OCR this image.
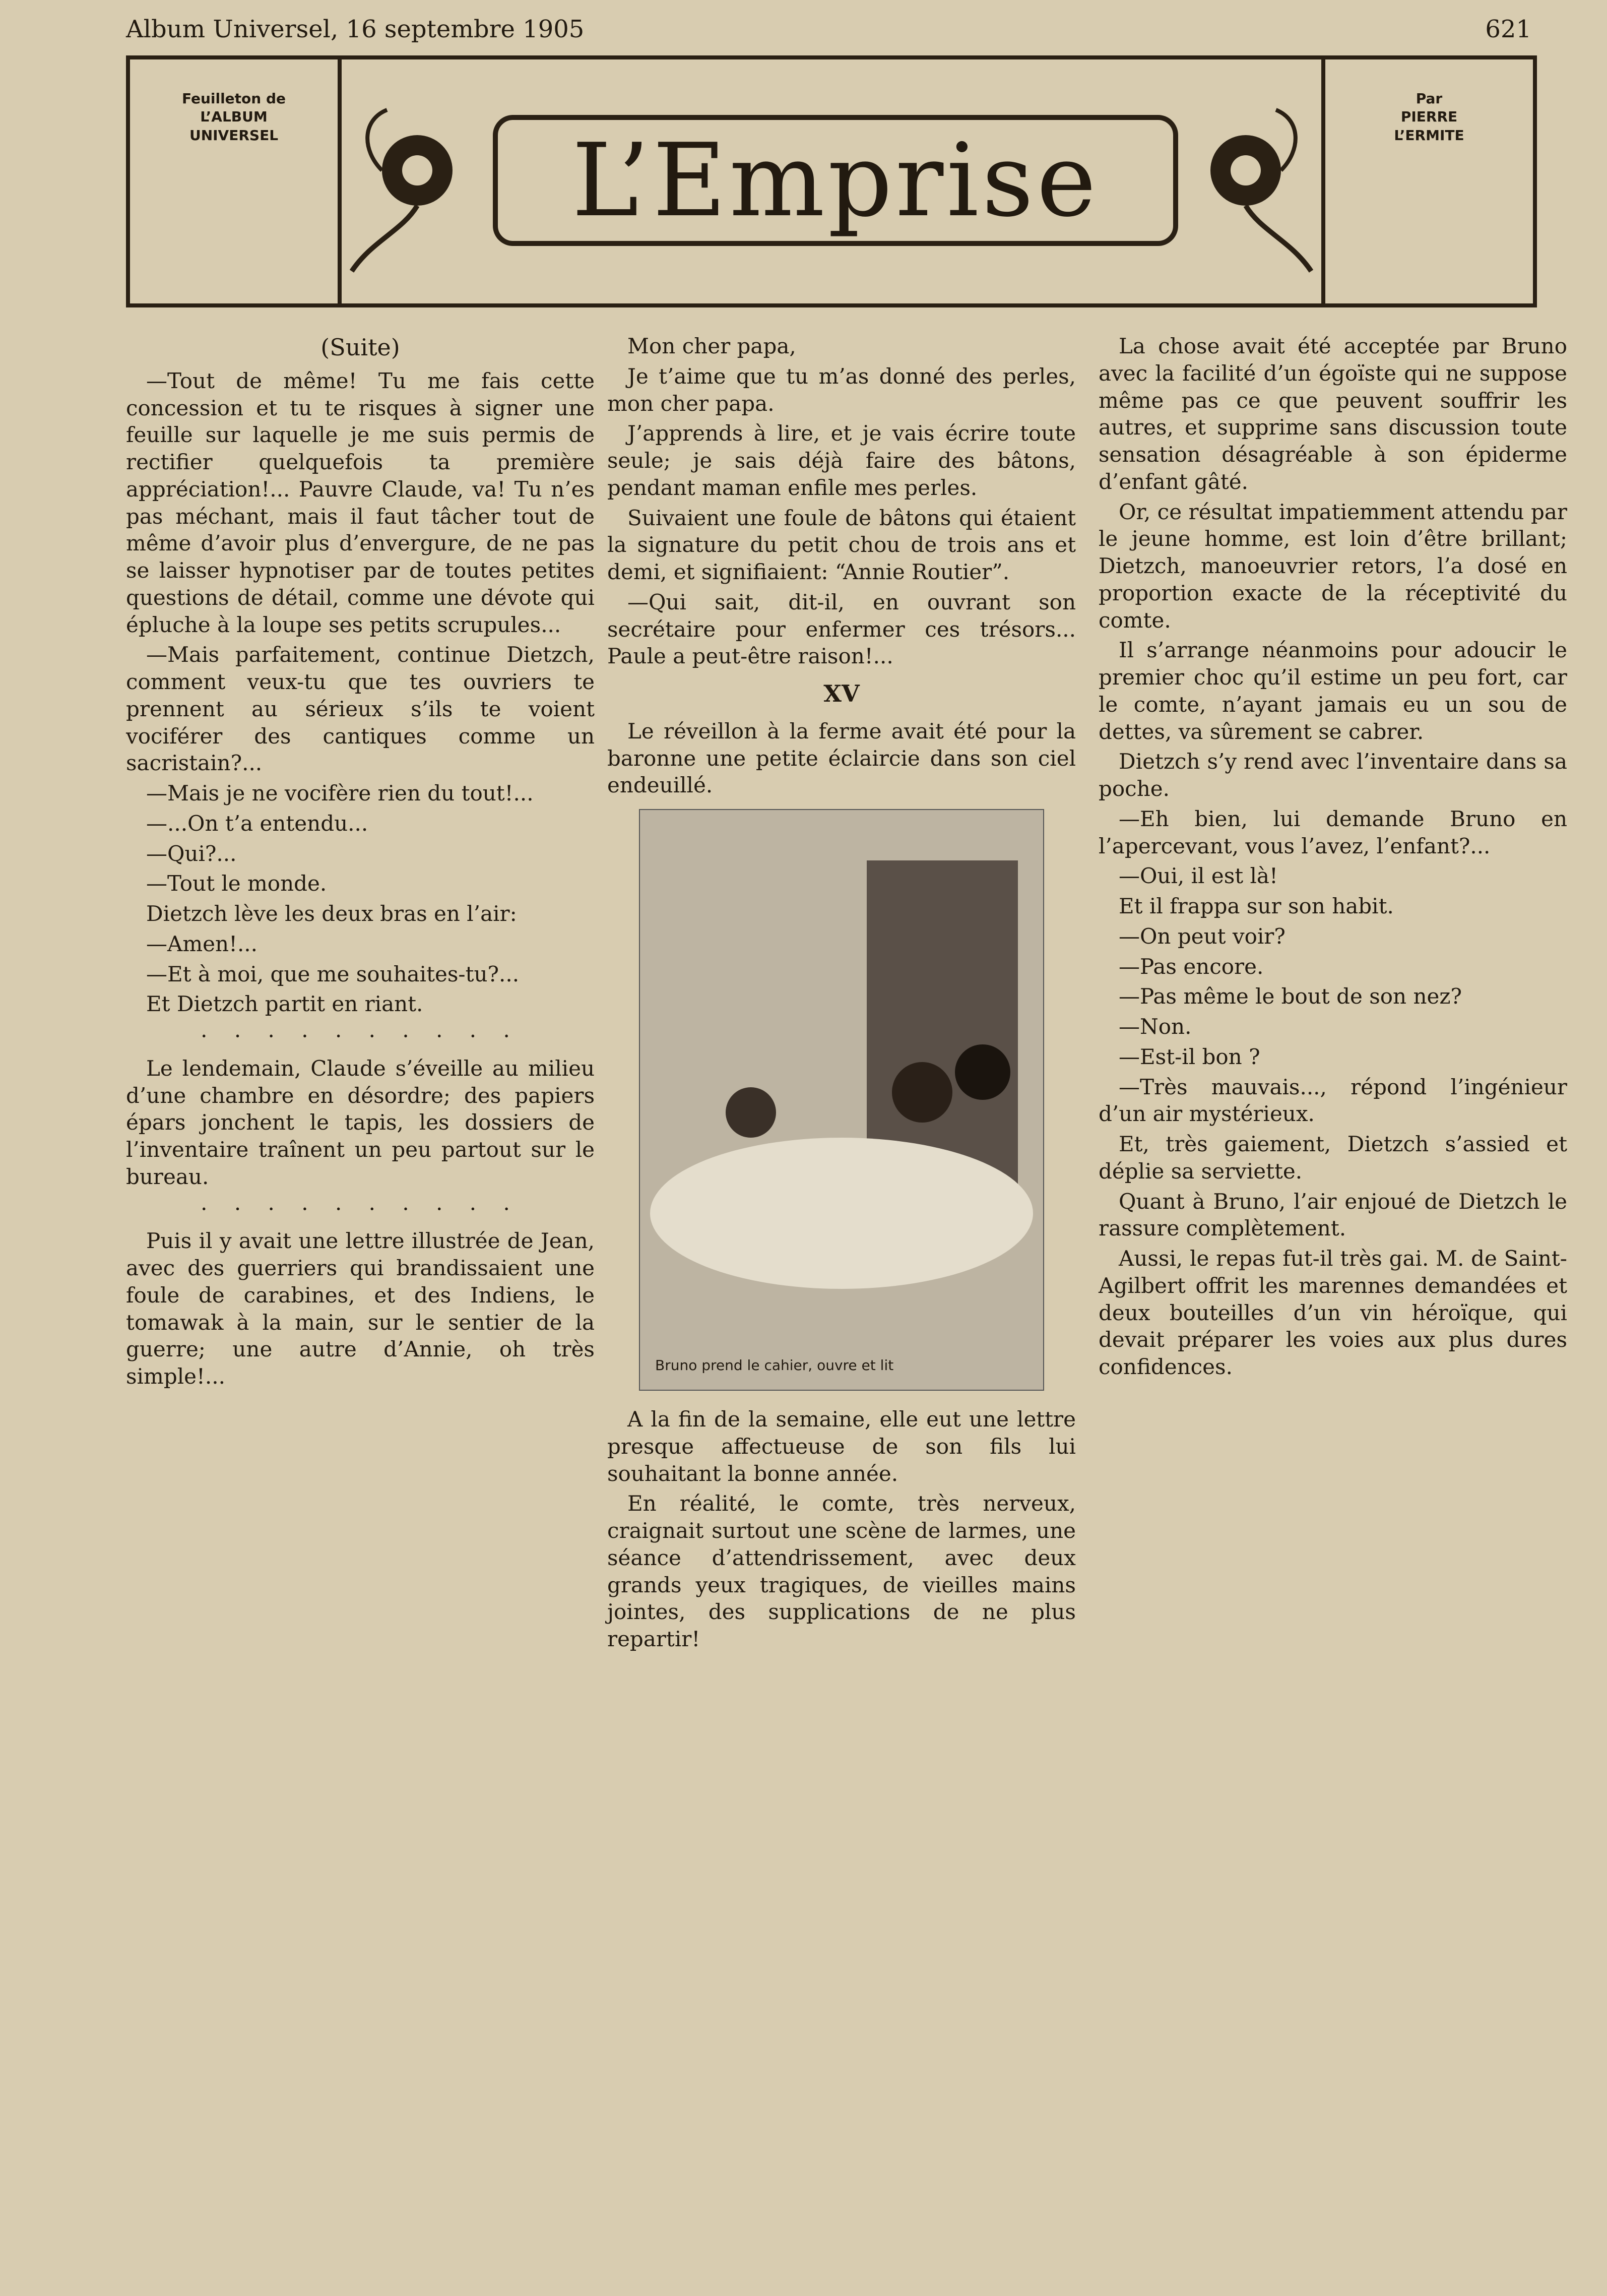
Album Universel, 16 septembre 1905	621
Feuilleton de
L’ALBUM
UNIVERSEL	L’Emprise
Par
PIERRE
L’ERMITE
(Suite)

—Tout de même! Tu me fais cette concession et tu te risques à signer une feuille sur laquelle je me suis permis de rectifier quelquefois ta première appréciation!... Pauvre Claude, va! Tu n’es pas méchant, mais il faut tâcher tout de même d’avoir plus d’envergure, de ne pas se laisser hypnotiser par de toutes petites questions de détail, comme une dévote qui épluche à la loupe ses petits scrupules...

—Mais parfaitement, continue Dietzch, comment veux-tu que tes ouvriers te prennent au sérieux s’ils te voient vociférer des cantiques comme un sacristain?...

—Mais je ne vocifère rien du tout!...

—...On t’a entendu...

—Qui?...

—Tout le monde.

Dietzch lève les deux bras en l’air:

—Amen!...

—Et à moi, que me souhaites-tu?...

Et Dietzch partit en riant.

· · · · · · · · · ·

Le lendemain, Claude s’éveille au milieu d’une chambre en désordre; des papiers épars jonchent le tapis, les dossiers de l’inventaire traînent un peu partout sur le bureau.

· · · · · · · · · ·

Puis il y avait une lettre illustrée de Jean, avec des guerriers qui brandissaient une foule de carabines, et des Indiens, le tomawak à la main, sur le sentier de la guerre; une autre d’Annie, oh très simple!...

Mon cher papa,

Je t’aime que tu m’as donné des perles, mon cher papa.

J’apprends à lire, et je vais écrire toute seule; je sais déjà faire des bâtons, pendant maman enfile mes perles.

Suivaient une foule de bâtons qui étaient la signature du petit chou de trois ans et demi, et signifiaient: “Annie Routier”.

—Qui sait, dit-il, en ouvrant son secrétaire pour enfermer ces trésors... Paule a peut-être raison!...

XV

Le réveillon à la ferme avait été pour la baronne une petite éclaircie dans son ciel endeuillé.

Bruno prend le cahier, ouvre et lit

A la fin de la semaine, elle eut une lettre presque affectueuse de son fils lui souhaitant la bonne année.

En réalité, le comte, très nerveux, craignait surtout une scène de larmes, une séance d’attendrissement, avec deux grands yeux tragiques, de vieilles mains jointes, des supplications de ne plus repartir!

La chose avait été acceptée par Bruno avec la facilité d’un égoïste qui ne suppose même pas ce que peuvent souffrir les autres, et supprime sans discussion toute sensation désagréable à son épiderme d’enfant gâté.

Or, ce résultat impatiemment attendu par le jeune homme, est loin d’être brillant; Dietzch, manoeuvrier retors, l’a dosé en proportion exacte de la réceptivité du comte.

Il s’arrange néanmoins pour adoucir le premier choc qu’il estime un peu fort, car le comte, n’ayant jamais eu un sou de dettes, va sûrement se cabrer.

Dietzch s’y rend avec l’inventaire dans sa poche.

—Eh bien, lui demande Bruno en l’apercevant, vous l’avez, l’enfant?...

—Oui, il est là!

Et il frappa sur son habit.

—On peut voir?

—Pas encore.

—Pas même le bout de son nez?

—Non.

—Est-il bon ?

—Très mauvais..., répond l’ingénieur d’un air mystérieux.

Et, très gaiement, Dietzch s’assied et déplie sa serviette.

Quant à Bruno, l’air enjoué de Dietzch le rassure complètement.

Aussi, le repas fut-il très gai. M. de Saint-Agilbert offrit les marennes demandées et deux bouteilles d’un vin héroïque, qui devait préparer les voies aux plus dures confidences.
